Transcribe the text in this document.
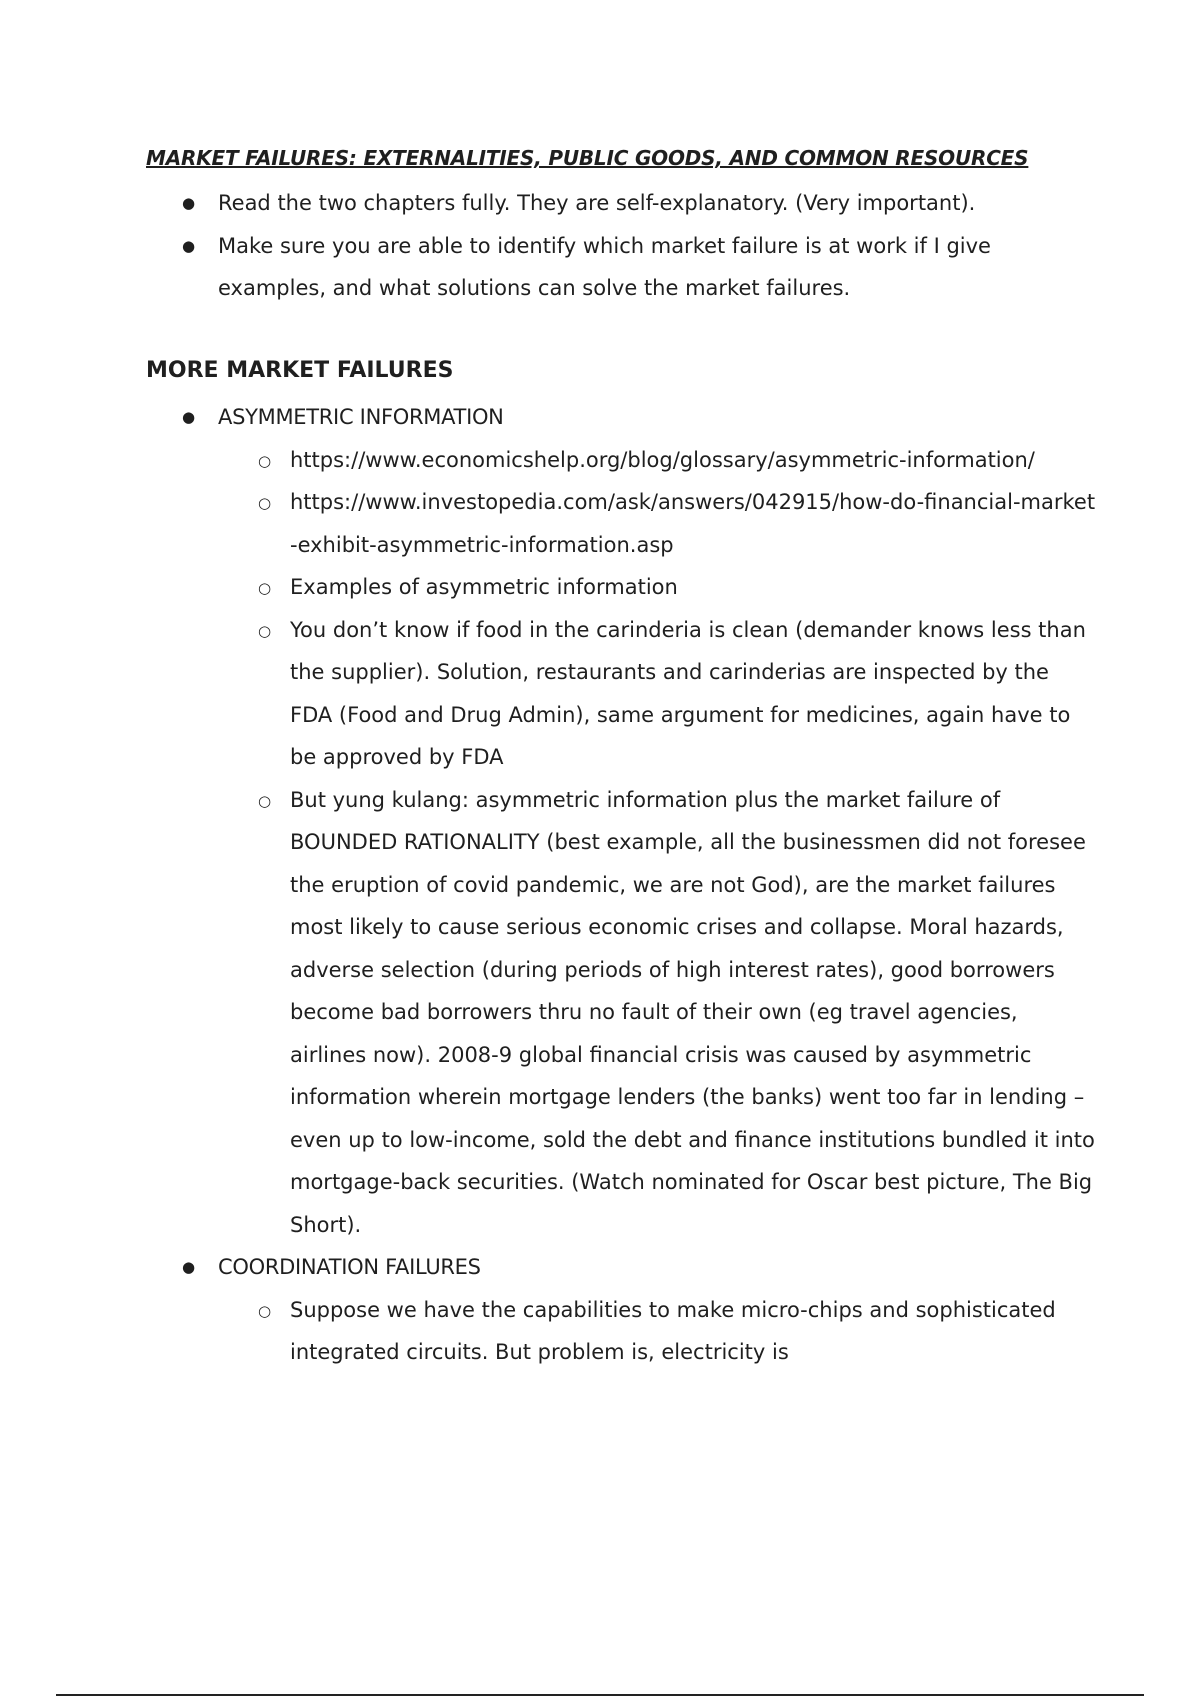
MARKET FAILURES: EXTERNALITIES, PUBLIC GOODS, AND COMMON RESOURCES
● Read the two chapters fully. They are self-explanatory. (Very important).
● Make sure you are able to identify which market failure is at work if I give examples, and what solutions can solve the market failures.
MORE MARKET FAILURES
● ASYMMETRIC INFORMATION
○ https://www.economicshelp.org/blog/glossary/asymmetric-information/
○ https://www.investopedia.com/ask/answers/042915/how-do-financial-market-exhibit-asymmetric-information.asp
○ Examples of asymmetric information
○ You don’t know if food in the carinderia is clean (demander knows less than the supplier). Solution, restaurants and carinderias are inspected by the FDA (Food and Drug Admin), same argument for medicines, again have to be approved by FDA
○ But yung kulang: asymmetric information plus the market failure of BOUNDED RATIONALITY (best example, all the businessmen did not foresee the eruption of covid pandemic, we are not God), are the market failures most likely to cause serious economic crises and collapse. Moral hazards, adverse selection (during periods of high interest rates), good borrowers become bad borrowers thru no fault of their own (eg travel agencies, airlines now). 2008-9 global financial crisis was caused by asymmetric information wherein mortgage lenders (the banks) went too far in lending – even up to low-income, sold the debt and finance institutions bundled it into mortgage-back securities. (Watch nominated for Oscar best picture, The Big Short).
● COORDINATION FAILURES
○ Suppose we have the capabilities to make micro-chips and sophisticated integrated circuits. But problem is, electricity is
